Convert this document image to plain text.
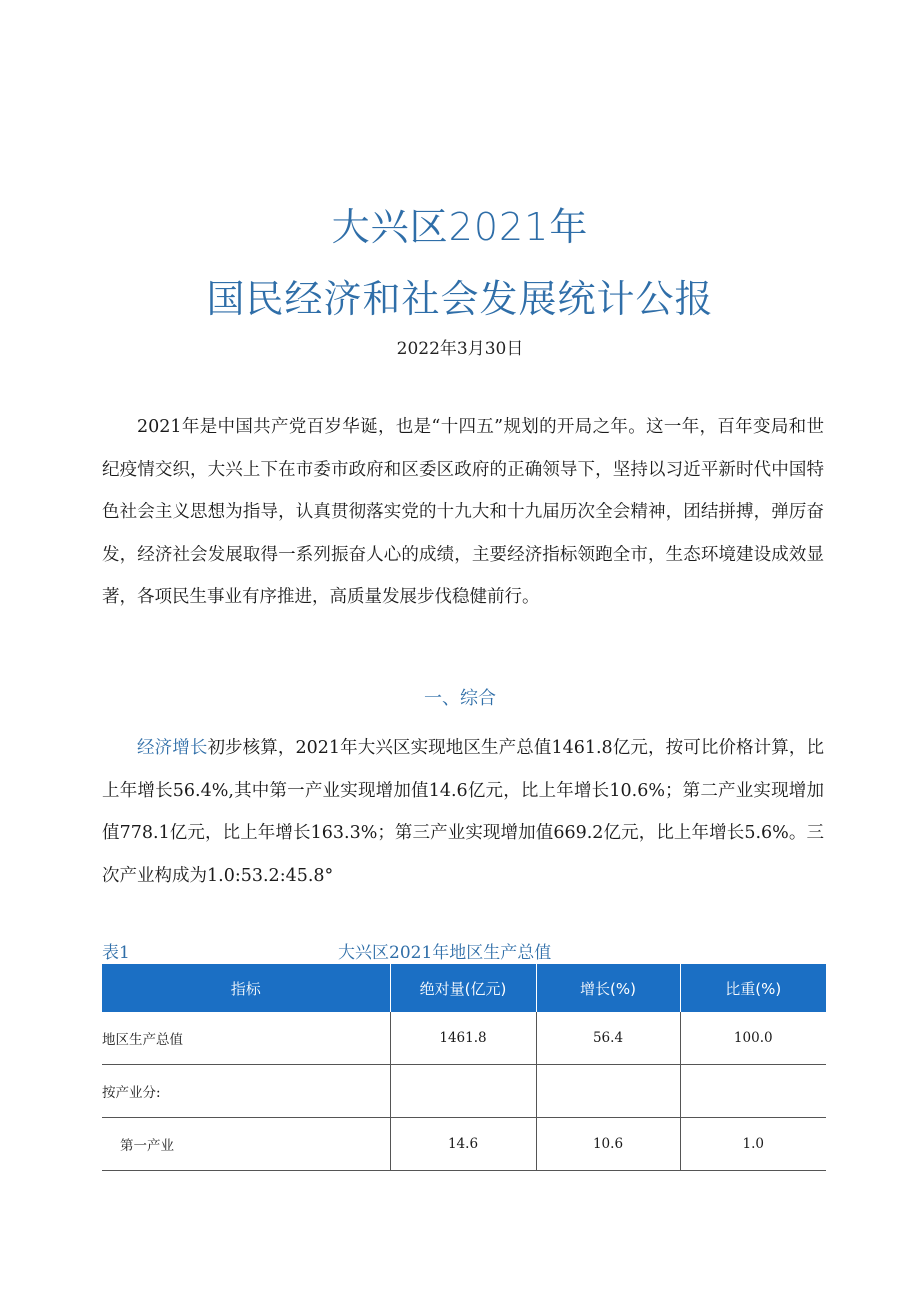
大兴区2021年
国民经济和社会发展统计公报
2022年3月30日

2021年是中国共产党百岁华诞，也是“十四五”规划的开局之年。这一年，百年变局和世纪疫情交织，大兴上下在市委市政府和区委区政府的正确领导下，坚持以习近平新时代中国特色社会主义思想为指导，认真贯彻落实党的十九大和十九届历次全会精神，团结拼搏，弹厉奋发，经济社会发展取得一系列振奋人心的成绩，主要经济指标领跑全市，生态环境建设成效显著，各项民生事业有序推进，高质量发展步伐稳健前行。

一、综合

经济增长初步核算，2021年大兴区实现地区生产总值1461.8亿元，按可比价格计算，比上年增长56.4%,其中第一产业实现增加值14.6亿元，比上年增长10.6%；第二产业实现增加值778.1亿元，比上年增长163.3%；第三产业实现增加值669.2亿元，比上年增长5.6%。三次产业构成为1.0:53.2:45.8°

表1	大兴区2021年地区生产总值
指标	绝对量(亿元)	增长(%)	比重(%)
地区生产总值	1461.8	56.4	100.0
按产业分:			
第一产业	14.6	10.6	1.0
